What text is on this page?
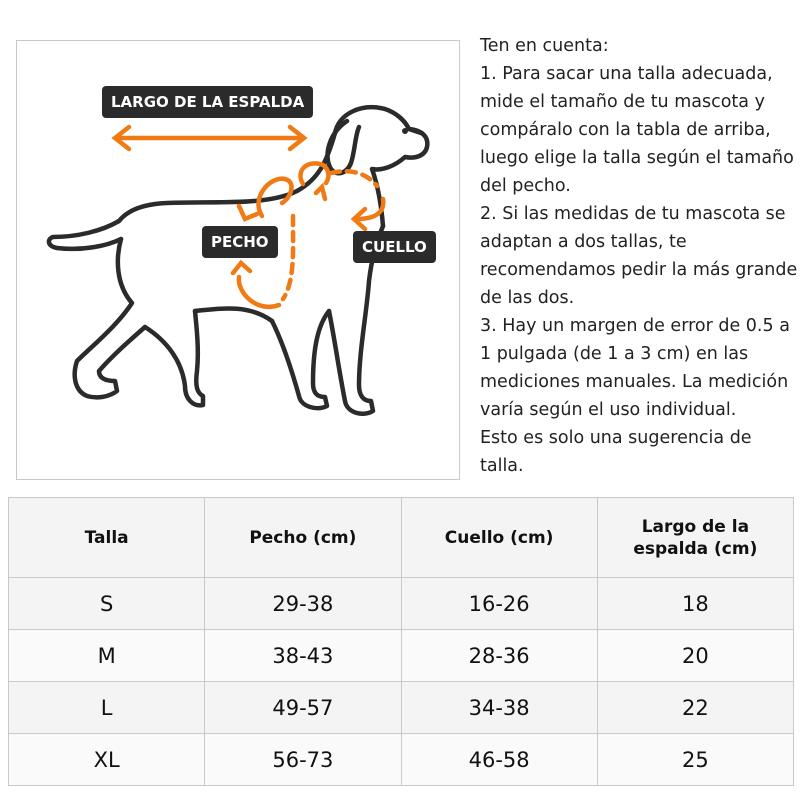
LARGO DE LA ESPALDA
PECHO	CUELLO

Ten en cuenta:

1. Para sacar una talla adecuada, mide el tamaño de tu mascota y compáralo con la tabla de arriba, luego elige la talla según el tamaño del pecho.

2. Si las medidas de tu mascota se adaptan a dos tallas, te recomendamos pedir la más grande de las dos.

3. Hay un margen de error de 0.5 a 1 pulgada (de 1 a 3 cm) en las mediciones manuales. La medición varía según el uso individual.

Esto es solo una sugerencia de talla.

Talla	Pecho (cm)	Cuello (cm)	Largo de la espalda (cm)
S	29-38	16-26	18
M	38-43	28-36	20
L	49-57	34-38	22
XL	56-73	46-58	25
